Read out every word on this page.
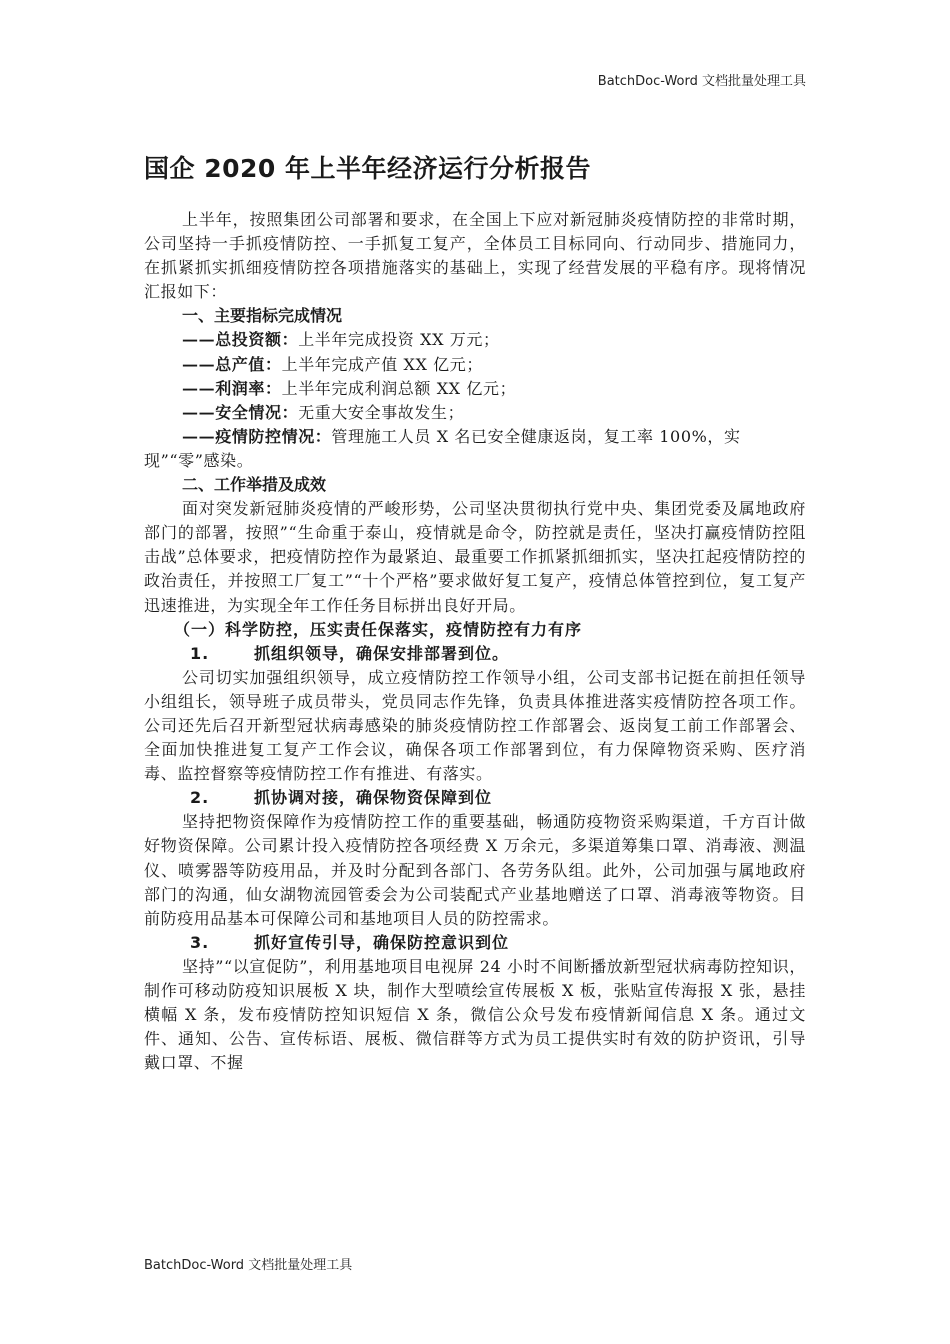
BatchDoc-Word 文档批量处理工具
国企 2020 年上半年经济运行分析报告

上半年，按照集团公司部署和要求，在全国上下应对新冠肺炎疫情防控的非常时期，公司坚持一手抓疫情防控、一手抓复工复产，全体员工目标同向、行动同步、措施同力，在抓紧抓实抓细疫情防控各项措施落实的基础上，实现了经营发展的平稳有序。现将情况汇报如下：

一、主要指标完成情况

——总投资额：上半年完成投资 XX 万元；

——总产值：上半年完成产值 XX 亿元；

——利润率：上半年完成利润总额 XX 亿元；

——安全情况：无重大安全事故发生；

——疫情防控情况：管理施工人员 X 名已安全健康返岗，复工率 100%，实现”“零”感染。

二、工作举措及成效

面对突发新冠肺炎疫情的严峻形势，公司坚决贯彻执行党中央、集团党委及属地政府部门的部署，按照”“生命重于泰山，疫情就是命令，防控就是责任，坚决打赢疫情防控阻击战”总体要求，把疫情防控作为最紧迫、最重要工作抓紧抓细抓实，坚决扛起疫情防控的政治责任，并按照工厂复工”“十个严格”要求做好复工复产，疫情总体管控到位，复工复产迅速推进，为实现全年工作任务目标拼出良好开局。

（一）科学防控，压实责任保落实，疫情防控有力有序

1.	抓组织领导，确保安排部署到位。

公司切实加强组织领导，成立疫情防控工作领导小组，公司支部书记挺在前担任领导小组组长，领导班子成员带头，党员同志作先锋，负责具体推进落实疫情防控各项工作。公司还先后召开新型冠状病毒感染的肺炎疫情防控工作部署会、返岗复工前工作部署会、全面加快推进复工复产工作会议，确保各项工作部署到位，有力保障物资采购、医疗消毒、监控督察等疫情防控工作有推进、有落实。

2.	抓协调对接，确保物资保障到位

坚持把物资保障作为疫情防控工作的重要基础，畅通防疫物资采购渠道，千方百计做好物资保障。公司累计投入疫情防控各项经费 X 万余元，多渠道筹集口罩、消毒液、测温仪、喷雾器等防疫用品，并及时分配到各部门、各劳务队组。此外，公司加强与属地政府部门的沟通，仙女湖物流园管委会为公司装配式产业基地赠送了口罩、消毒液等物资。目前防疫用品基本可保障公司和基地项目人员的防控需求。

3.	抓好宣传引导，确保防控意识到位

坚持”“以宣促防”，利用基地项目电视屏 24 小时不间断播放新型冠状病毒防控知识，制作可移动防疫知识展板 X 块，制作大型喷绘宣传展板 X 板，张贴宣传海报 X 张，悬挂横幅 X 条，发布疫情防控知识短信 X 条，微信公众号发布疫情新闻信息 X 条。通过文件、通知、公告、宣传标语、展板、微信群等方式为员工提供实时有效的防护资讯，引导戴口罩、不握

BatchDoc-Word 文档批量处理工具
